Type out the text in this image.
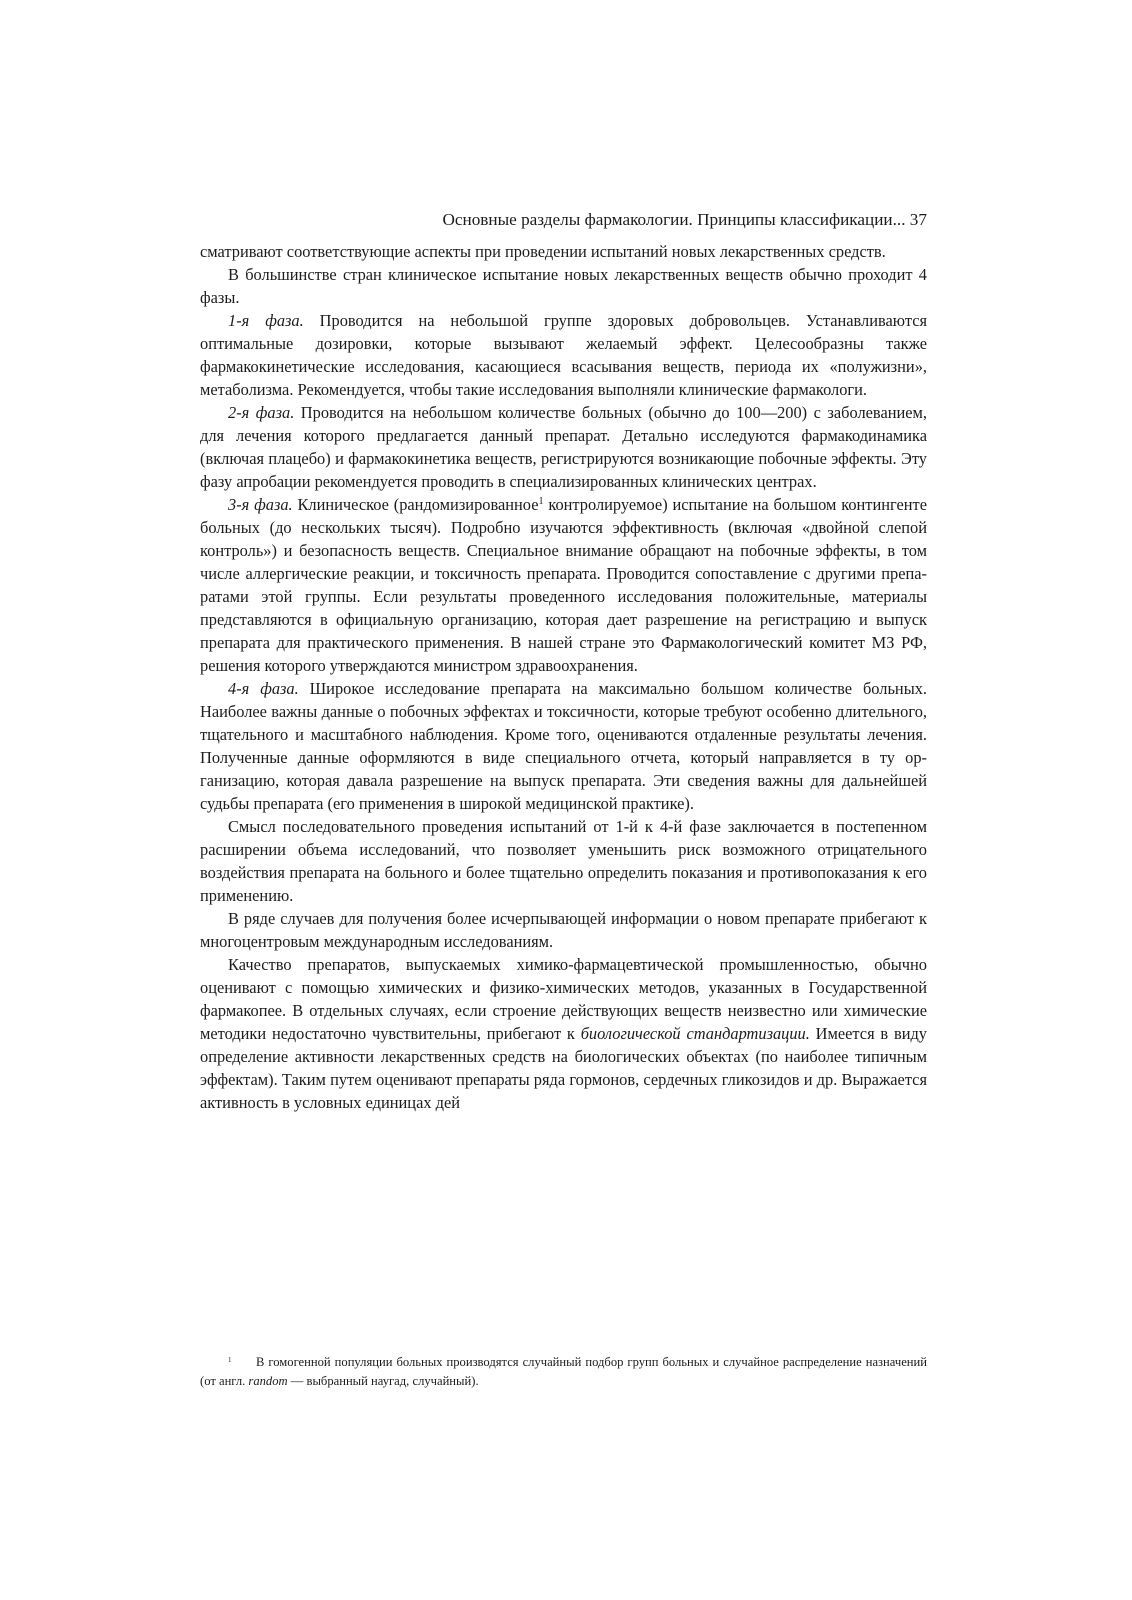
Основные разделы фармакологии. Принципы классификации... 37

сматривают соответствующие аспекты при проведении испытаний новых лекарственных средств.

В большинстве стран клиническое испытание новых лекарственных веществ обычно проходит 4 фазы.

1-я фаза. Проводится на небольшой группе здоровых добровольцев. Устанавливаются оптимальные дозировки, которые вызывают желаемый эффект. Целесообразны также фармакокинетические исследования, касающиеся всасывания веществ, периода их «полужизни», метаболизма. Рекомендуется, чтобы такие исследования выполняли клинические фармакологи.

2-я фаза. Проводится на небольшом количестве больных (обычно до 100—200) с заболеванием, для лечения которого предлагается данный препарат. Детально исследуются фармакодинамика (включая плацебо) и фармакокинетика веществ, регистрируются возникающие побочные эффекты. Эту фазу апробации рекомендуется проводить в специализированных клинических центрах.

3-я фаза. Клиническое (рандомизированное$^1$ контролируемое) испытание на большом контингенте больных (до нескольких тысяч). Подробно изучаются эффективность (включая «двойной слепой контроль») и безопасность веществ. Специальное внимание обращают на побочные эффекты, в том числе аллергические реакции, и токсичность препарата. Проводится сопоставление с другими препаратами этой группы. Если результаты проведенного исследования положительные, материалы представляются в официальную организацию, которая дает разрешение на регистрацию и выпуск препарата для практического применения. В нашей стране это Фармакологический комитет МЗ РФ, решения которого утверждаются министром здравоохранения.

4-я фаза. Широкое исследование препарата на максимально большом количестве больных. Наиболее важны данные о побочных эффектах и токсичности, которые требуют особенно длительного, тщательного и масштабного наблюдения. Кроме того, оцениваются отдаленные результаты лечения. Полученные данные оформляются в виде специального отчета, который направляется в ту организацию, которая давала разрешение на выпуск препарата. Эти сведения важны для дальнейшей судьбы препарата (его применения в широкой медицинской практике).

Смысл последовательного проведения испытаний от 1-й к 4-й фазе заключается в постепенном расширении объема исследований, что позволяет уменьшить риск возможного отрицательного воздействия препарата на больного и более тщательно определить показания и противопоказания к его применению.

В ряде случаев для получения более исчерпывающей информации о новом препарате прибегают к многоцентровым международным исследованиям.

Качество препаратов, выпускаемых химико-фармацевтической промышленностью, обычно оценивают с помощью химических и физико-химических методов, указанных в Государственной фармакопее. В отдельных случаях, если строение действующих веществ неизвестно или химические методики недостаточно чувствительны, прибегают к биологической стандартизации. Имеется в виду определение активности лекарственных средств на биологических объектах (по наиболее типичным эффектам). Таким путем оценивают препараты ряда гормонов, сердечных гликозидов и др. Выражается активность в условных единицах дей

1 В гомогенной популяции больных производятся случайный подбор групп больных и случайное распределение назначений (от англ. random — выбранный наугад, случайный).
